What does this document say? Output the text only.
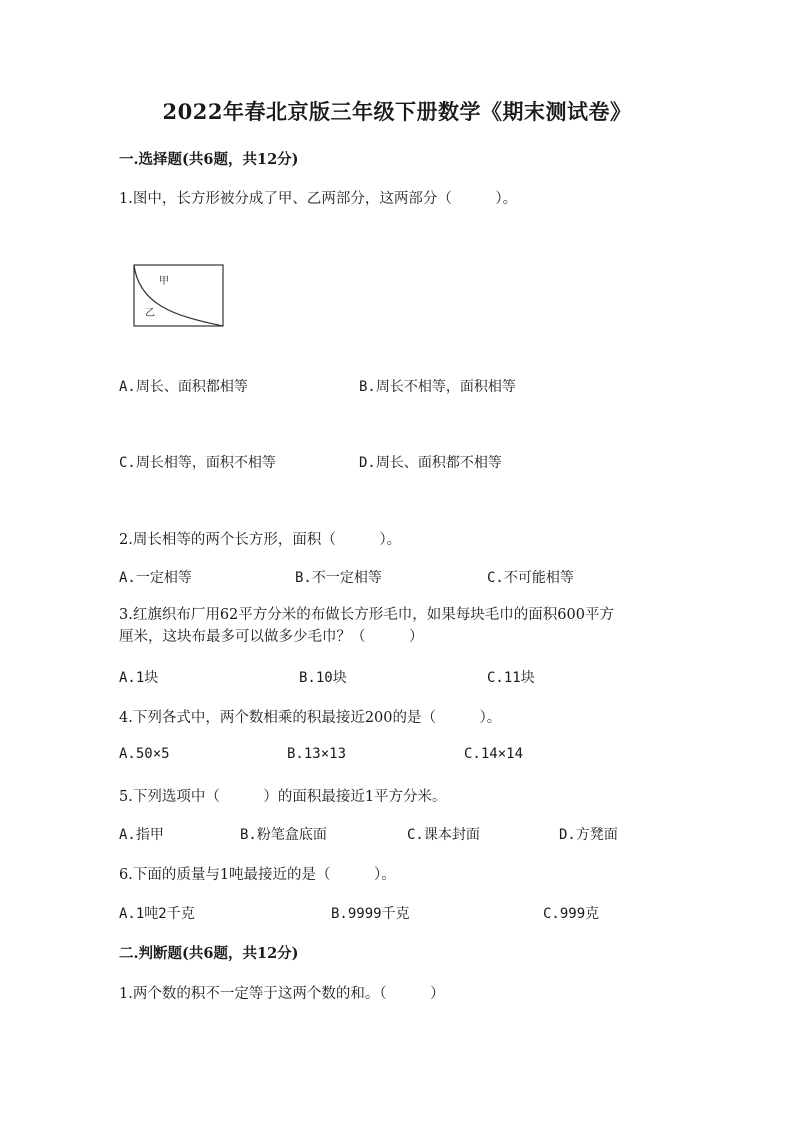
2022年春北京版三年级下册数学《期末测试卷》
一.选择题(共6题，共12分)
1.图中，长方形被分成了甲、乙两部分，这两部分（　　　）。
甲
乙
A.周长、面积都相等	B.周长不相等，面积相等
C.周长相等，面积不相等	D.周长、面积都不相等
2.周长相等的两个长方形，面积（　　　）。
A.一定相等	B.不一定相等	C.不可能相等
3.红旗织布厂用62平方分米的布做长方形毛巾，如果每块毛巾的面积600平方
厘米，这块布最多可以做多少毛巾？（　　　）
A.1块	B.10块	C.11块
4.下列各式中，两个数相乘的积最接近200的是（　　　）。
A.50×5	B.13×13	C.14×14
5.下列选项中（　　　）的面积最接近1平方分米。
A.指甲	B.粉笔盒底面	C.课本封面	D.方凳面
6.下面的质量与1吨最接近的是（　　　）。
A.1吨2千克	B.9999千克	C.999克
二.判断题(共6题，共12分)
1.两个数的积不一定等于这两个数的和。（　　　）
